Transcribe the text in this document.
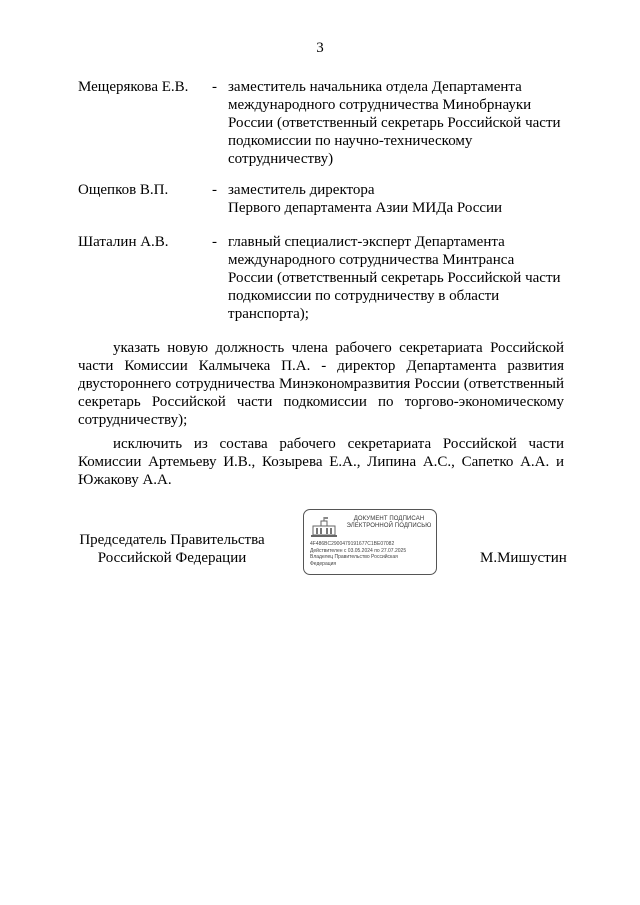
3
Мещерякова Е.В. - заместитель начальника отдела Департамента
международного сотрудничества Минобрнауки
России (ответственный секретарь Российской части
подкомиссии по научно-техническому
сотрудничеству)
Ощепков В.П.	- заместитель директора
Первого департамента Азии МИДа России
Шаталин А.В.	- главный специалист-эксперт Департамента
международного сотрудничества Минтранса
России (ответственный секретарь Российской части
подкомиссии по сотрудничеству в области
транспорта);
указать новую должность члена рабочего секретариата Российской части Комиссии Калмычека П.А. - директор Департамента развития двустороннего сотрудничества Минэкономразвития России (ответственный секретарь Российской части подкомиссии по торгово-экономическому сотрудничеству);
исключить из состава рабочего секретариата Российской части Комиссии Артемьеву И.В., Козырева Е.А., Липина А.С., Сапетко А.А. и Южакову А.А.
Председатель Правительства
Российской Федерации
ДОКУМЕНТ ПОДПИСАН
ЭЛЕКТРОННОЙ ПОДПИСЬЮ
4F486BC2900479191677C1BE07082
Действителен с 03.05.2024 по 27.07.2025
Владелец Правительство Российская
Федерация	М.Мишустин
